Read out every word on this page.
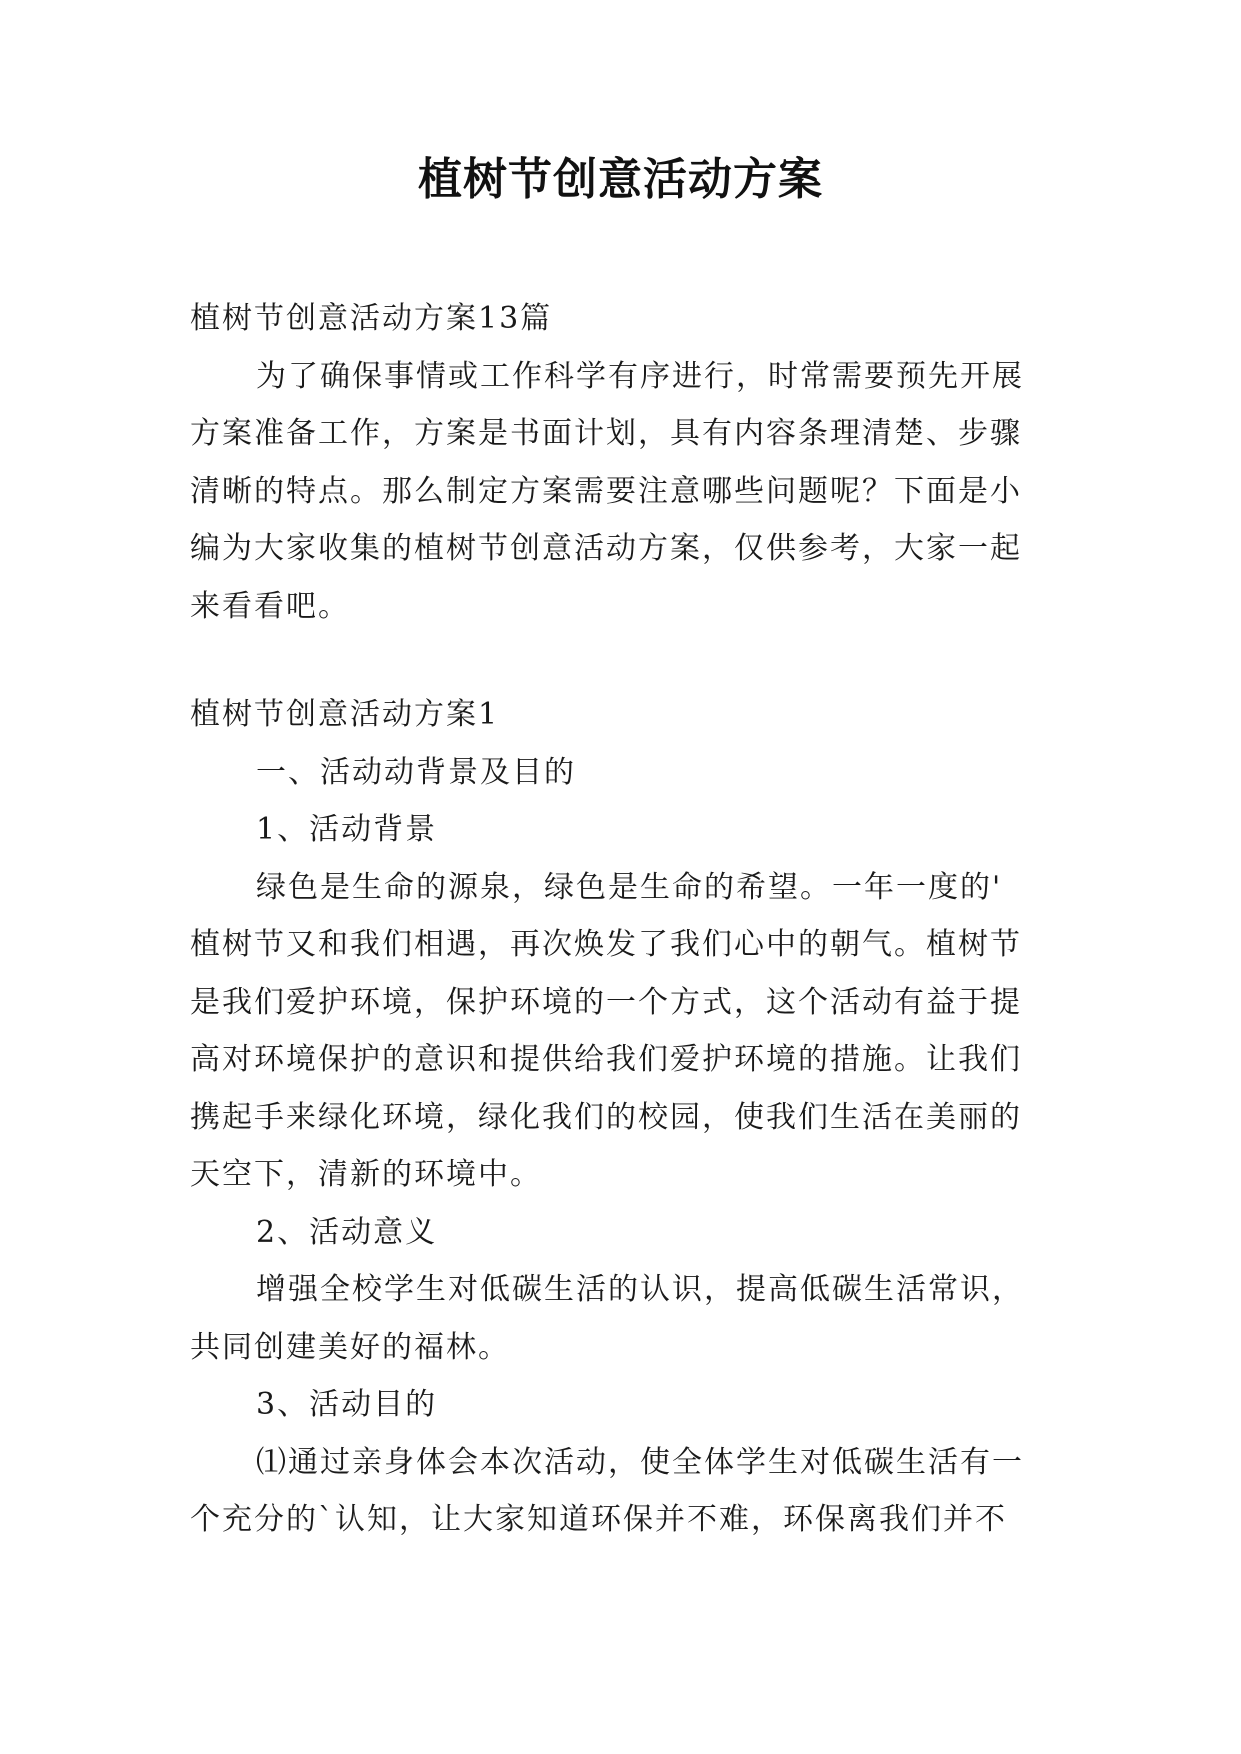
植树节创意活动方案

植树节创意活动方案13篇

为了确保事情或工作科学有序进行，时常需要预先开展
方案准备工作，方案是书面计划，具有内容条理清楚、步骤
清晰的特点。那么制定方案需要注意哪些问题呢？下面是小
编为大家收集的植树节创意活动方案，仅供参考，大家一起
来看看吧。

植树节创意活动方案1

一、活动动背景及目的

1、活动背景

绿色是生命的源泉，绿色是生命的希望。一年一度的'
植树节又和我们相遇，再次焕发了我们心中的朝气。植树节
是我们爱护环境，保护环境的一个方式，这个活动有益于提
高对环境保护的意识和提供给我们爱护环境的措施。让我们
携起手来绿化环境，绿化我们的校园，使我们生活在美丽的
天空下，清新的环境中。

2、活动意义

增强全校学生对低碳生活的认识，提高低碳生活常识，
共同创建美好的福林。

3、活动目的

⑴通过亲身体会本次活动，使全体学生对低碳生活有一
个充分的`认知，让大家知道环保并不难，环保离我们并不
